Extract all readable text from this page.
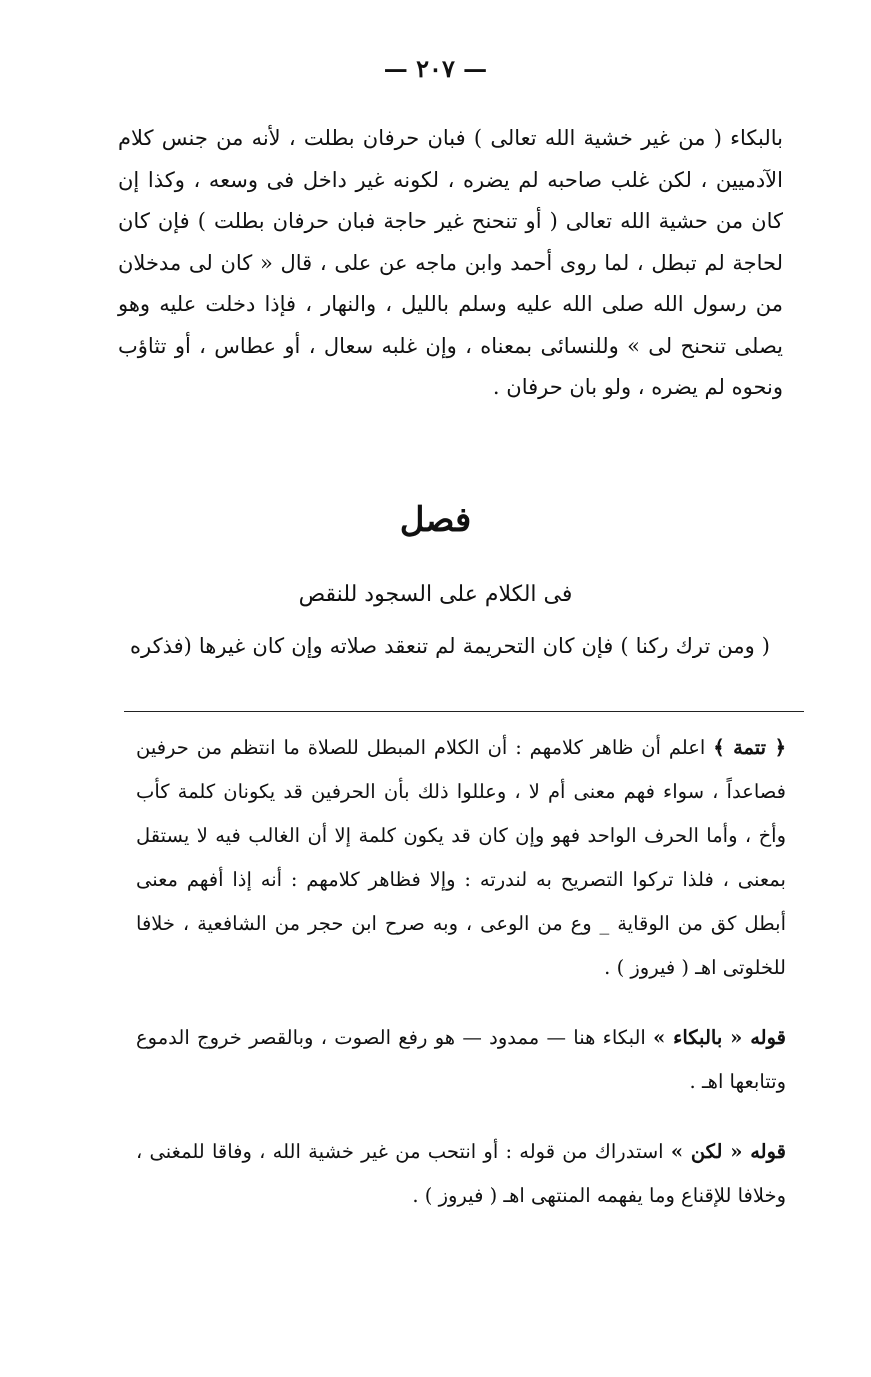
— ٢٠٧ —

بالبكاء ( من غير خشية الله تعالى ) فبان حرفان بطلت ، لأنه من جنس كلام الآدميين ، لكن غلب صاحبه لم يضره ، لكونه غير داخل فى وسعه ، وكذا إن كان من حشية الله تعالى ( أو تنحنح غير حاجة فبان حرفان بطلت ) فإن كان لحاجة لم تبطل ، لما روى أحمد وابن ماجه عن على ، قال « كان لى مدخلان من رسول الله صلى الله عليه وسلم بالليل ، والنهار ، فإذا دخلت عليه وهو يصلى تنحنح لى » وللنسائى بمعناه ، وإن غلبه سعال ، أو عطاس ، أو تثاؤب ونحوه لم يضره ، ولو بان حرفان .

فصل
فى الكلام على السجود للنقص
( ومن ترك ركنا ) فإن كان التحريمة لم تنعقد صلاته وإن كان غيرها (فذكره

﴿ تتمة ﴾ اعلم أن ظاهر كلامهم : أن الكلام المبطل للصلاة ما انتظم من حرفين فصاعداً ، سواء فهم معنى أم لا ، وعللوا ذلك بأن الحرفين قد يكونان كلمة كأب وأخ ، وأما الحرف الواحد فهو وإن كان قد يكون كلمة إلا أن الغالب فيه لا يستقل بمعنى ، فلذا تركوا التصريح به لندرته : وإلا فظاهر كلامهم : أنه إذا أفهم معنى أبطل كق من الوقاية _ وع من الوعى ، وبه صرح ابن حجر من الشافعية ، خلافا للخلوتى اهـ ( فيروز ) .

قوله « بالبكاء » البكاء هنا — ممدود — هو رفع الصوت ، وبالقصر خروج الدموع وتتابعها اهـ .

قوله « لكن » استدراك من قوله : أو انتحب من غير خشية الله ، وفاقا للمغنى ، وخلافا للإقناع وما يفهمه المنتهى اهـ ( فيروز ) .
